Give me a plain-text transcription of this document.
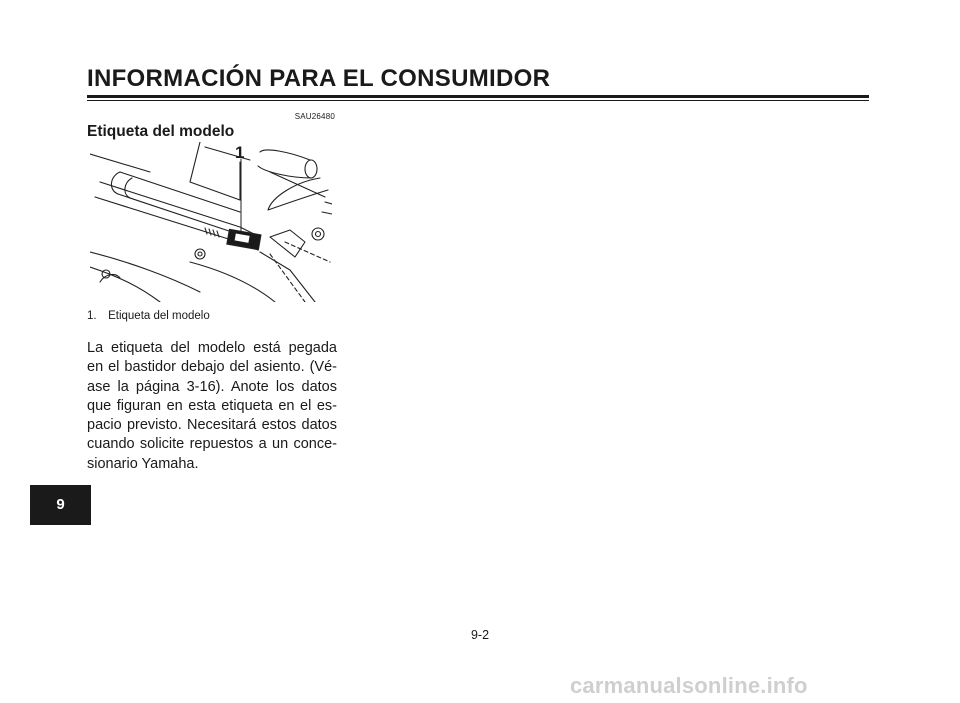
INFORMACIÓN PARA EL CONSUMIDOR
SAU26480
Etiqueta del modelo
1
1. Etiqueta del modelo
La etiqueta del modelo está pegada
en el bastidor debajo del asiento. (Vé-
ase la página 3-16). Anote los datos
que figuran en esta etiqueta en el es-
pacio previsto. Necesitará estos datos
cuando solicite repuestos a un conce-
sionario Yamaha.
9
9-2
carmanualsonline.info
